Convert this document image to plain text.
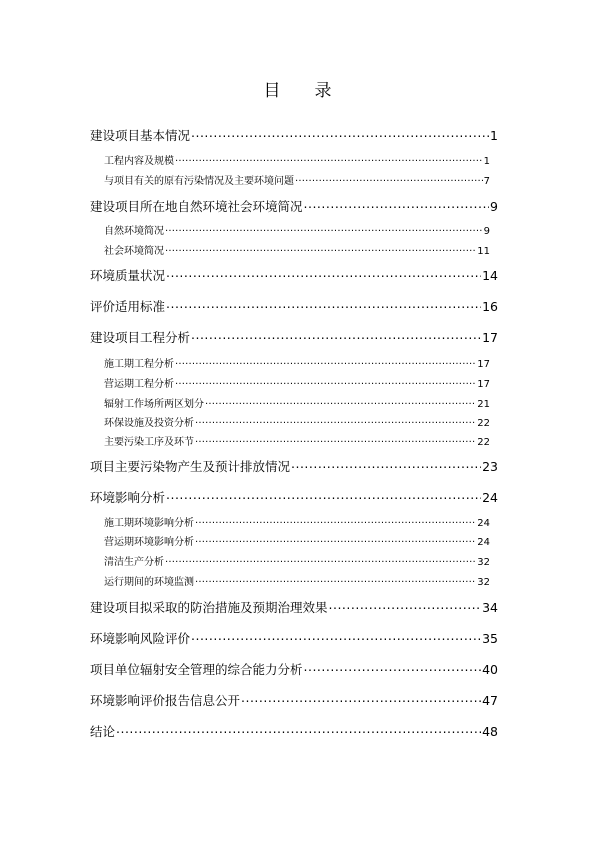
目 录
建设项目基本情况 .....	1
工程内容及规模 .....	1
与项目有关的原有污染情况及主要环境问题 .....	7
建设项目所在地自然环境社会环境简况 .....	9
自然环境简况 .....	9
社会环境简况 .....	11
环境质量状况 .....	14
评价适用标准 .....	16
建设项目工程分析 .....	17
施工期工程分析 .....	17
营运期工程分析 .....	17
辐射工作场所两区划分 .....	21
环保设施及投资分析 .....	22
主要污染工序及环节 .....	22
项目主要污染物产生及预计排放情况 .....	23
环境影响分析 .....	24
施工期环境影响分析 .....	24
营运期环境影响分析 .....	24
清洁生产分析 .....	32
运行期间的环境监测 .....	32
建设项目拟采取的防治措施及预期治理效果 .....	34
环境影响风险评价 .....	35
项目单位辐射安全管理的综合能力分析 .....	40
环境影响评价报告信息公开 .....	47
结论 .....	48
